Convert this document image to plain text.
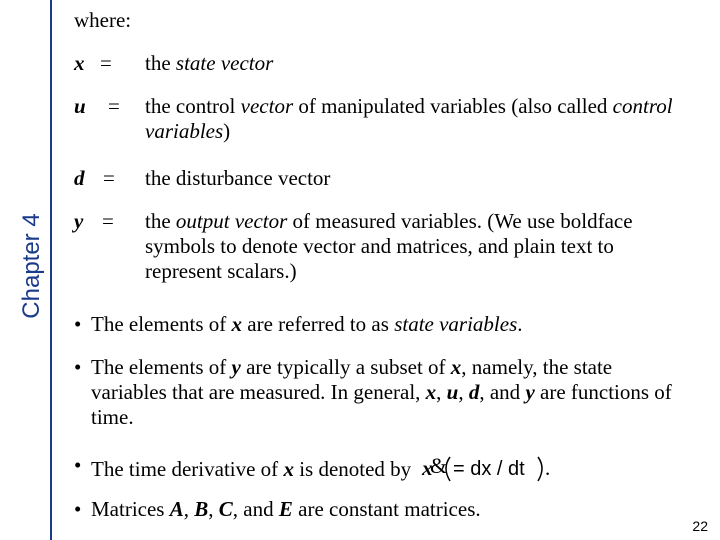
Chapter 4
where:
x = the state vector
u = the control vector of manipulated variables (also called control variables)
d = the disturbance vector
y = the output vector of measured variables. (We use boldface symbols to denote vector and matrices, and plain text to represent scalars.)
• The elements of x are referred to as state variables.
• The elements of y are typically a subset of x, namely, the state variables that are measured. In general, x, u, d, and y are functions of time.
• The time derivative of x is denoted by x
& = dx / dt .
• Matrices A, B, C, and E are constant matrices.
22
